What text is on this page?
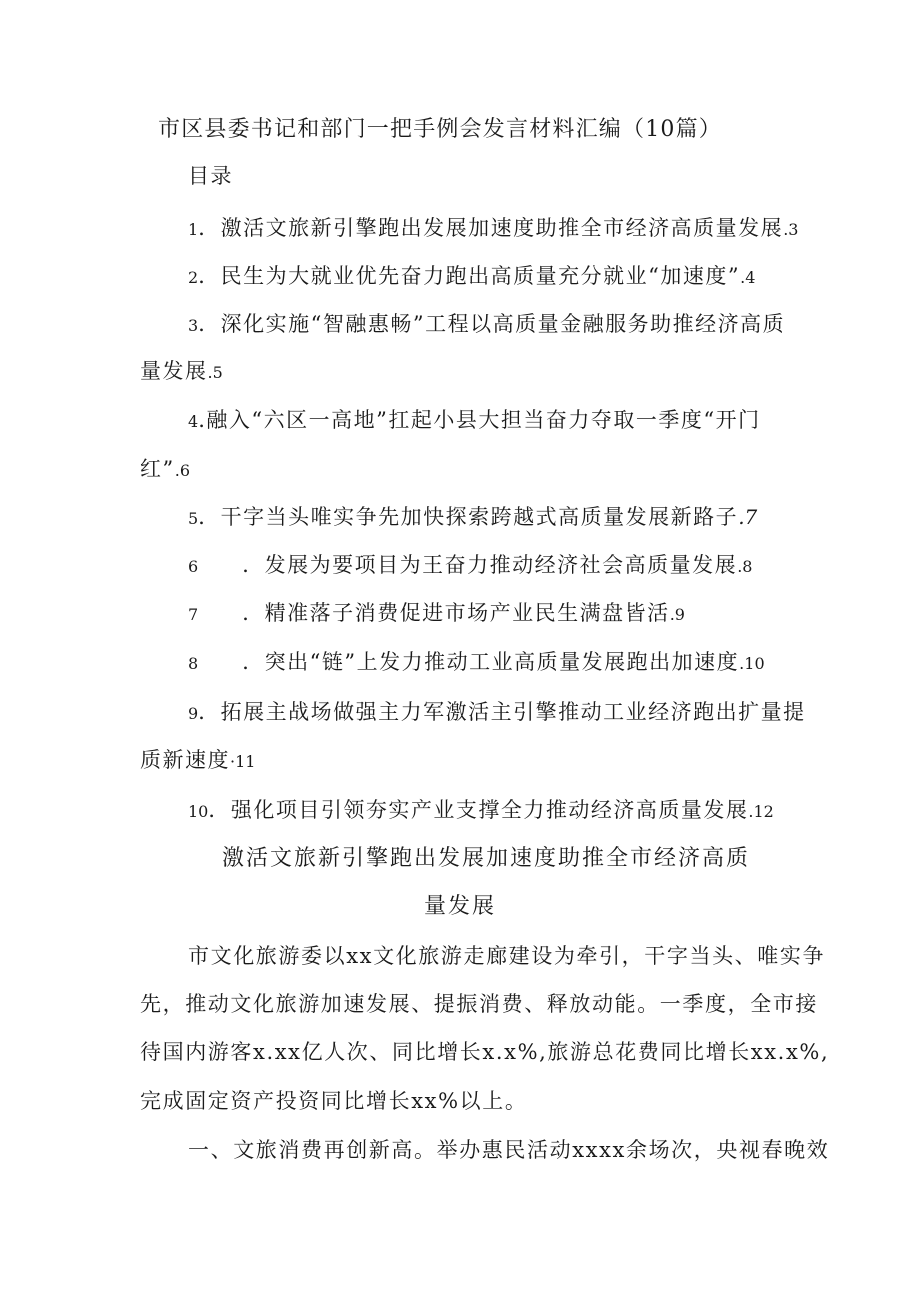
市区县委书记和部门一把手例会发言材料汇编（10篇）
目录
1．激活文旅新引擎跑出发展加速度助推全市经济高质量发展.3
2．民生为大就业优先奋力跑出高质量充分就业“加速度”.4
3．深化实施“智融惠畅”工程以高质量金融服务助推经济高质
量发展.5
4.融入“六区一高地”扛起小县大担当奋力夺取一季度“开门
红”.6
5．干字当头唯实争先加快探索跨越式高质量发展新路子.7
6 ．发展为要项目为王奋力推动经济社会高质量发展.8
7 ．精准落子消费促进市场产业民生满盘皆活.9
8 ．突出“链”上发力推动工业高质量发展跑出加速度.10
9．拓展主战场做强主力军激活主引擎推动工业经济跑出扩量提
质新速度·11
10．强化项目引领夯实产业支撑全力推动经济高质量发展.12
激活文旅新引擎跑出发展加速度助推全市经济高质
量发展
市文化旅游委以xx文化旅游走廊建设为牵引，干字当头、唯实争
先，推动文化旅游加速发展、提振消费、释放动能。一季度，全市接
待国内游客x.xx亿人次、同比增长x.x%,旅游总花费同比增长xx.x%,
完成固定资产投资同比增长xx%以上。
一、文旅消费再创新高。举办惠民活动xxxx余场次，央视春晚效
